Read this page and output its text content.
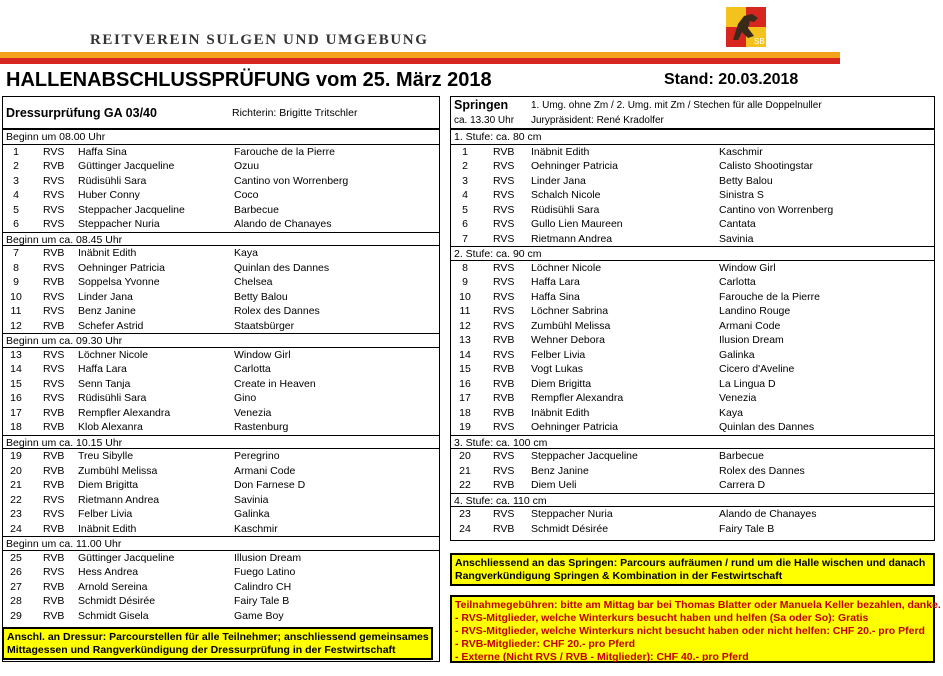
REITVEREIN SULGEN UND UMGEBUNG	SB
HALLENABSCHLUSSPRÜFUNG vom 25. März 2018	Stand: 20.03.2018
Dressurprüfung GA 03/40	Richterin: Brigitte Tritschler
Beginn um 08.00 Uhr
1	RVS Haffa Sina	Farouche de la Pierre
2	RVB Güttinger Jacqueline	Ozuu
3	RVS Rüdisühli Sara	Cantino von Worrenberg
4	RVS Huber Conny	Coco
5	RVS Steppacher Jacqueline	Barbecue
6	RVS Steppacher Nuria	Alando de Chanayes
Beginn um ca. 08.45 Uhr
7	RVB Inäbnit Edith	Kaya
8	RVS Oehninger Patricia	Quinlan des Dannes
9	RVB Soppelsa Yvonne	Chelsea
10	RVS Linder Jana	Betty Balou
11	RVS Benz Janine	Rolex des Dannes
12	RVB Schefer Astrid	Staatsbürger
Beginn um ca. 09.30 Uhr
13	RVS Löchner Nicole	Window Girl
14	RVS Haffa Lara	Carlotta
15	RVS Senn Tanja	Create in Heaven
16	RVS Rüdisühli Sara	Gino
17	RVB Rempfler Alexandra	Venezia
18	RVB Klob Alexanra	Rastenburg
Beginn um ca. 10.15 Uhr
19	RVB Treu Sibylle	Peregrino
20	RVB Zumbühl Melissa	Armani Code
21	RVB Diem Brigitta	Don Farnese D
22	RVS Rietmann Andrea	Savinia
23	RVS Felber Livia	Galinka
24	RVB Inäbnit Edith	Kaschmir
Beginn um ca. 11.00 Uhr
25	RVB Güttinger Jacqueline	Illusion Dream
26	RVS Hess Andrea	Fuego Latino
27	RVB Arnold Sereina	Calindro CH
28	RVB Schmidt Désirée	Fairy Tale B
29	RVB Schmidt Gisela	Game Boy
Springen 1. Umg. ohne Zm / 2. Umg. mit Zm / Stechen für alle Doppelnuller
ca. 13.30 Uhr Jurypräsident: René Kradolfer
1. Stufe: ca. 80 cm
1	RVB Inäbnit Edith	Kaschmir
2	RVS Oehninger Patricia	Calisto Shootingstar
3	RVS Linder Jana	Betty Balou
4	RVS Schalch Nicole	Sinistra S
5	RVS Rüdisühli Sara	Cantino von Worrenberg
6	RVS Gullo Lien Maureen	Cantata
7	RVS Rietmann Andrea	Savinia
2. Stufe: ca. 90 cm
8	RVS Löchner Nicole	Window Girl
9	RVS Haffa Lara	Carlotta
10	RVS Haffa Sina	Farouche de la Pierre
11	RVS Löchner Sabrina	Landino Rouge
12	RVS Zumbühl Melissa	Armani Code
13	RVB Wehner Debora	Ilusion Dream
14	RVS Felber Livia	Galinka
15	RVB Vogt Lukas	Cicero d'Aveline
16	RVB Diem Brigitta	La Lingua D
17	RVB Rempfler Alexandra	Venezia
18	RVB Inäbnit Edith	Kaya
19	RVS Oehninger Patricia	Quinlan des Dannes
3. Stufe: ca. 100 cm
20	RVS Steppacher Jacqueline	Barbecue
21	RVS Benz Janine	Rolex des Dannes
22	RVB Diem Ueli	Carrera D
4. Stufe: ca. 110 cm
23	RVS Steppacher Nuria	Alando de Chanayes
24	RVB Schmidt Désirée	Fairy Tale B
Anschl. an Dressur: Parcourstellen für alle Teilnehmer; anschliessend gemeinsames
Mittagessen und Rangverkündigung der Dressurprüfung in der Festwirtschaft
Anschliessend an das Springen: Parcours aufräumen / rund um die Halle wischen und danach
Rangverkündigung Springen & Kombination in der Festwirtschaft
Teilnahmegebühren: bitte am Mittag bar bei Thomas Blatter oder Manuela Keller bezahlen, danke.
- RVS-Mitglieder, welche Winterkurs besucht haben und helfen (Sa oder So): Gratis
- RVS-Mitglieder, welche Winterkurs nicht besucht haben oder nicht helfen: CHF 20.- pro Pferd
- RVB-Mitglieder: CHF 20.- pro Pferd
- Externe (Nicht RVS / RVB - Mitglieder): CHF 40.- pro Pferd
